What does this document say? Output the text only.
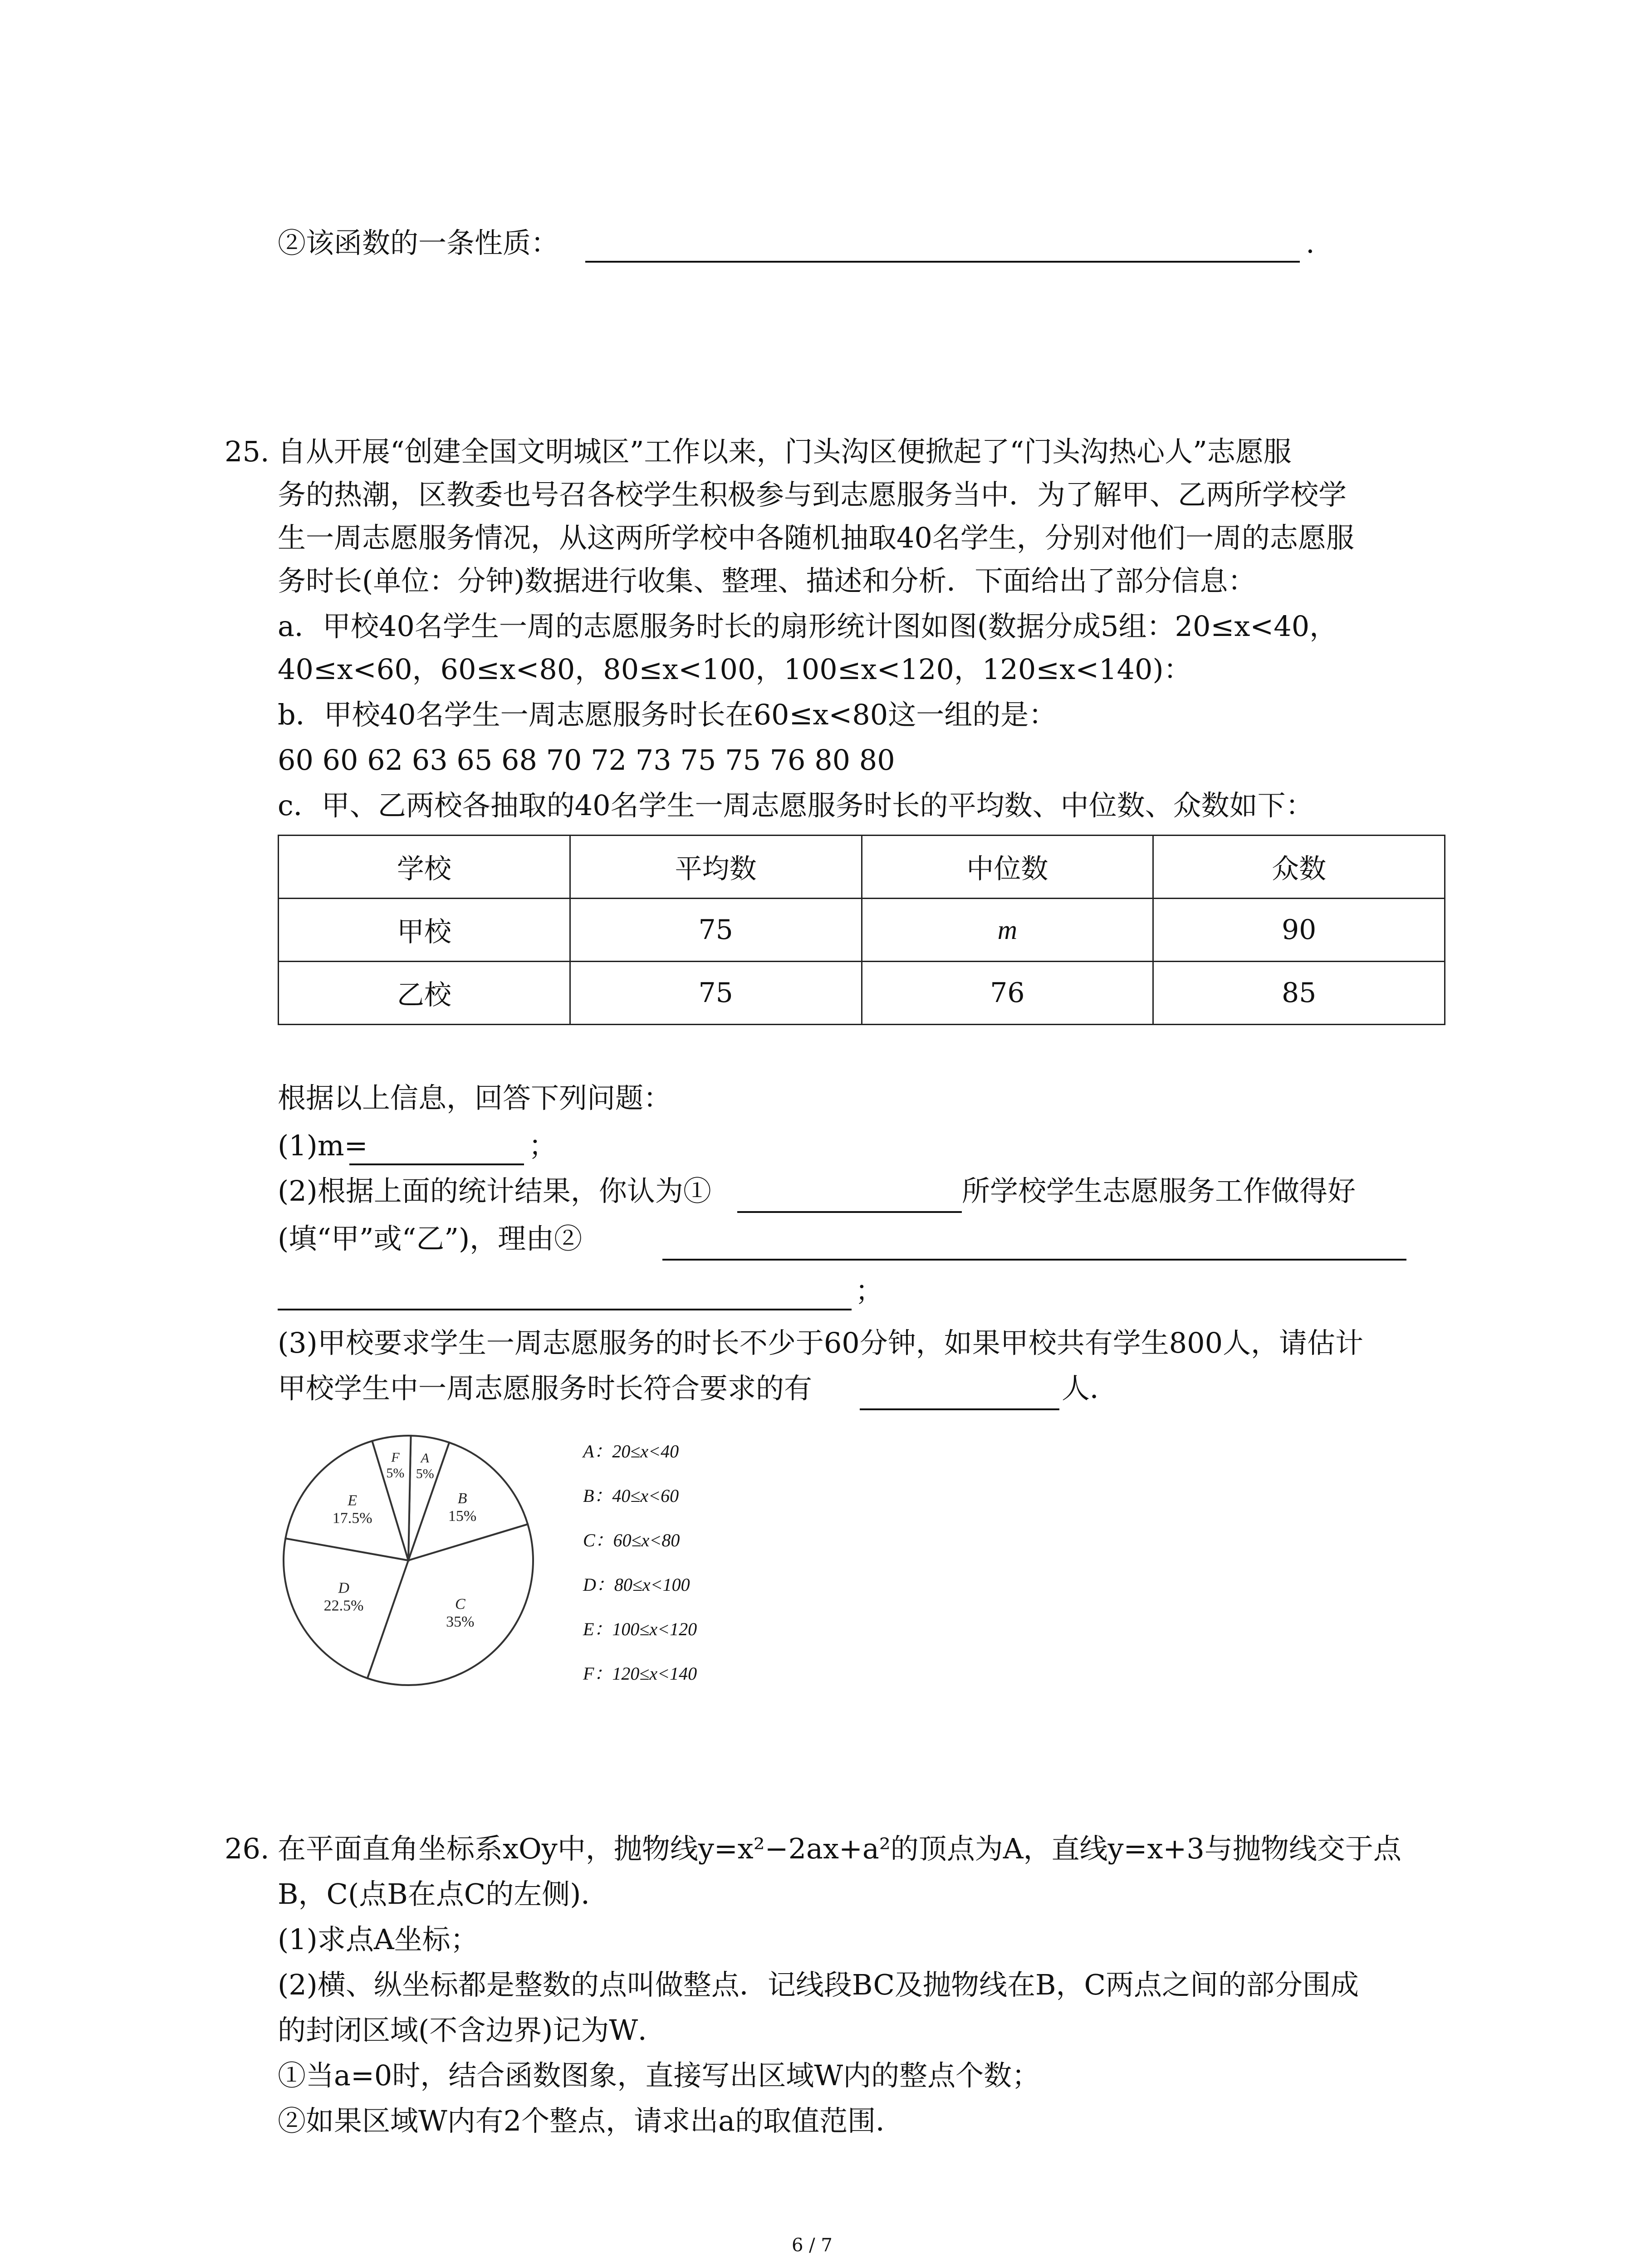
②该函数的一条性质：	.
25. 自从开展“创建全国文明城区”工作以来，门头沟区便掀起了“门头沟热心人”志愿服
务的热潮，区教委也号召各校学生积极参与到志愿服务当中．为了解甲、乙两所学校学
生一周志愿服务情况，从这两所学校中各随机抽取40名学生，分别对他们一周的志愿服
务时长(单位：分钟)数据进行收集、整理、描述和分析．下面给出了部分信息：
a．甲校40名学生一周的志愿服务时长的扇形统计图如图(数据分成5组：20≤x<40，
40≤x<60，60≤x<80，80≤x<100，100≤x<120，120≤x<140)：
b．甲校40名学生一周志愿服务时长在60≤x<80这一组的是：
60 60 62 63 65 68 70 72 73 75 75 76 80 80
c．甲、乙两校各抽取的40名学生一周志愿服务时长的平均数、中位数、众数如下：
学校	平均数	中位数	众数
甲校	75	m	90
乙校	75	76	85
根据以上信息，回答下列问题：
(1)m=	；
(2)根据上面的统计结果，你认为①	所学校学生志愿服务工作做得好
(填“甲”或“乙”)，理由②
；
(3)甲校要求学生一周志愿服务的时长不少于60分钟，如果甲校共有学生800人，请估计
甲校学生中一周志愿服务时长符合要求的有	人．
A
5%
B
15%
C
35%
D
22.5%
E
17.5%
F
5%
A：20≤x<40
B：40≤x<60
C：60≤x<80
D：80≤x<100
E：100≤x<120
F：120≤x<140
26. 在平面直角坐标系xOy中，抛物线y=x²−2ax+a²的顶点为A，直线y=x+3与抛物线交于点
B，C(点B在点C的左侧)．
(1)求点A坐标；
(2)横、纵坐标都是整数的点叫做整点．记线段BC及抛物线在B，C两点之间的部分围成
的封闭区域(不含边界)记为W．
①当a=0时，结合函数图象，直接写出区域W内的整点个数；
②如果区域W内有2个整点，请求出a的取值范围．
6 / 7
